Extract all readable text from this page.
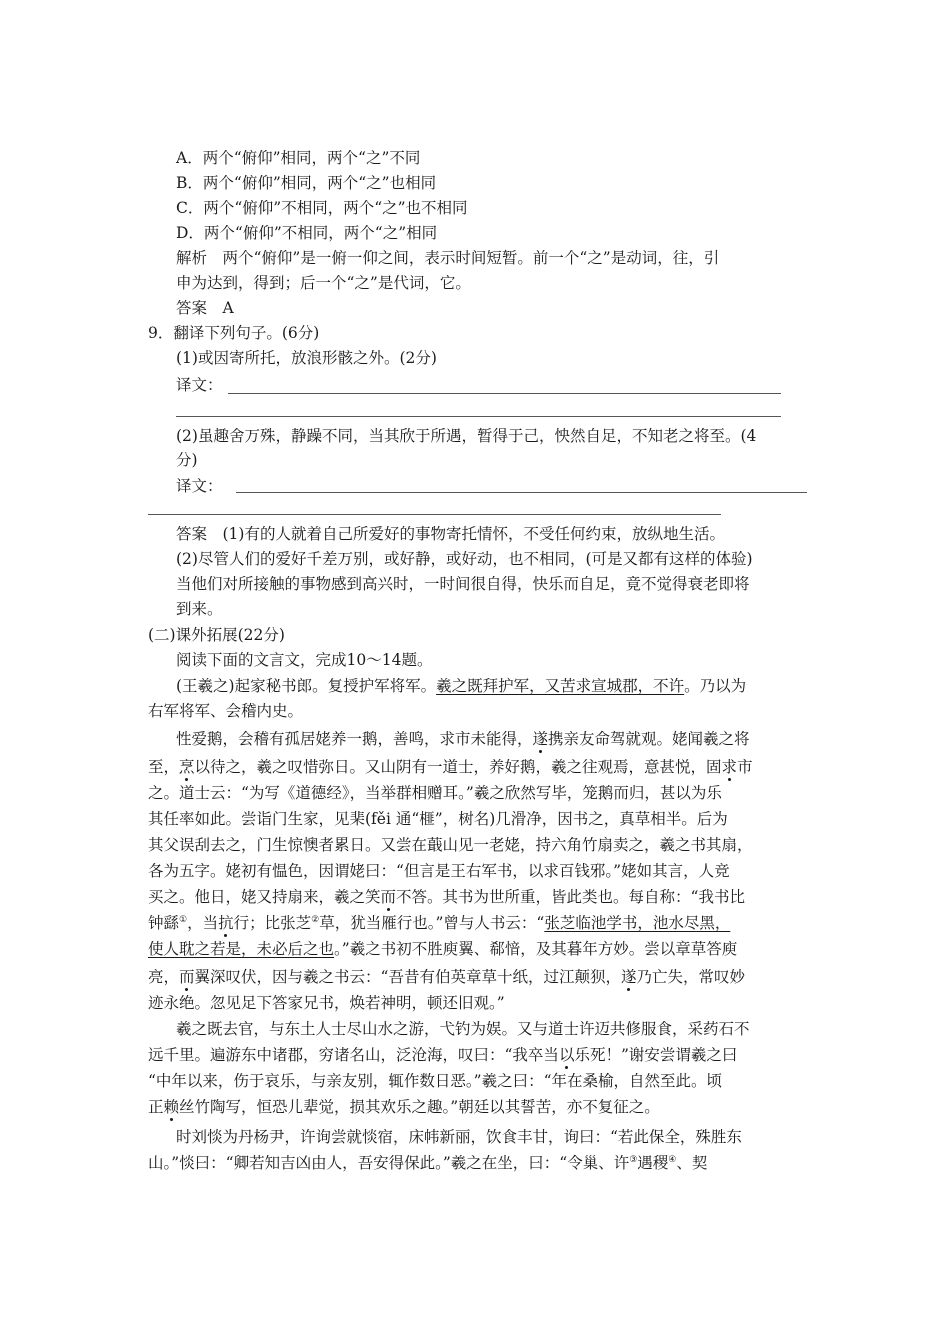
A．两个“俯仰”相同，两个“之”不同
B．两个“俯仰”相同，两个“之”也相同
C．两个“俯仰”不相同，两个“之”也不相同
D．两个“俯仰”不相同，两个“之”相同
解析　两个“俯仰”是一俯一仰之间，表示时间短暂。前一个“之”是动词，往，引
申为达到，得到；后一个“之”是代词，它。
答案　A
9．翻译下列句子。(6分)
(1)或因寄所托，放浪形骸之外。(2分)
译文：
(2)虽趣舍万殊，静躁不同，当其欣于所遇，暂得于己，怏然自足，不知老之将至。(4
分)
译文：
答案　(1)有的人就着自己所爱好的事物寄托情怀，不受任何约束，放纵地生活。
(2)尽管人们的爱好千差万别，或好静，或好动，也不相同，(可是又都有这样的体验)
当他们对所接触的事物感到高兴时，一时间很自得，快乐而自足，竟不觉得衰老即将
到来。
(二)课外拓展(22分)
阅读下面的文言文，完成10～14题。
(王羲之)起家秘书郎。复授护军将军。羲之既拜护军，又苦求宣城郡，不许。乃以为
右军将军、会稽内史。
性爱鹅，会稽有孤居姥养一鹅，善鸣，求市未能得，遂携亲友命驾就观。姥闻羲之将
至，烹以待之，羲之叹惜弥日。又山阴有一道士，养好鹅，羲之往观焉，意甚悦，固求市
之。道士云：“为写《道德经》，当举群相赠耳。”羲之欣然写毕，笼鹅而归，甚以为乐
其任率如此。尝诣门生家，见棐(fěi 通“榧”，树名)几滑净，因书之，真草相半。后为
其父误刮去之，门生惊懊者累日。又尝在蕺山见一老姥，持六角竹扇卖之，羲之书其扇，
各为五字。姥初有愠色，因谓姥曰：“但言是王右军书，以求百钱邪。”姥如其言，人竞
买之。他日，姥又持扇来，羲之笑而不答。其书为世所重，皆此类也。每自称：“我书比
钟繇①，当抗行；比张芝②草，犹当雁行也。”曾与人书云：“张芝临池学书，池水尽黑，
使人耽之若是，未必后之也。”羲之书初不胜庾翼、郗愔，及其暮年方妙。尝以章草答庾
亮，而翼深叹伏，因与羲之书云：“吾昔有伯英章草十纸，过江颠狈，遂乃亡失，常叹妙
迹永绝。忽见足下答家兄书，焕若神明，顿还旧观。”
羲之既去官，与东土人士尽山水之游，弋钓为娱。又与道士许迈共修服食，采药石不
远千里。遍游东中诸郡，穷诸名山，泛沧海，叹曰：“我卒当以乐死！”谢安尝谓羲之曰
“中年以来，伤于哀乐，与亲友别，辄作数日恶。”羲之曰：“年在桑榆，自然至此。顷
正赖丝竹陶写，恒恐儿辈觉，损其欢乐之趣。”朝廷以其誓苦，亦不复征之。
时刘惔为丹杨尹，许询尝就惔宿，床帏新丽，饮食丰甘，询曰：“若此保全，殊胜东
山。”惔曰：“卿若知吉凶由人，吾安得保此。”羲之在坐，曰：“令巢、许③遇稷④、契
